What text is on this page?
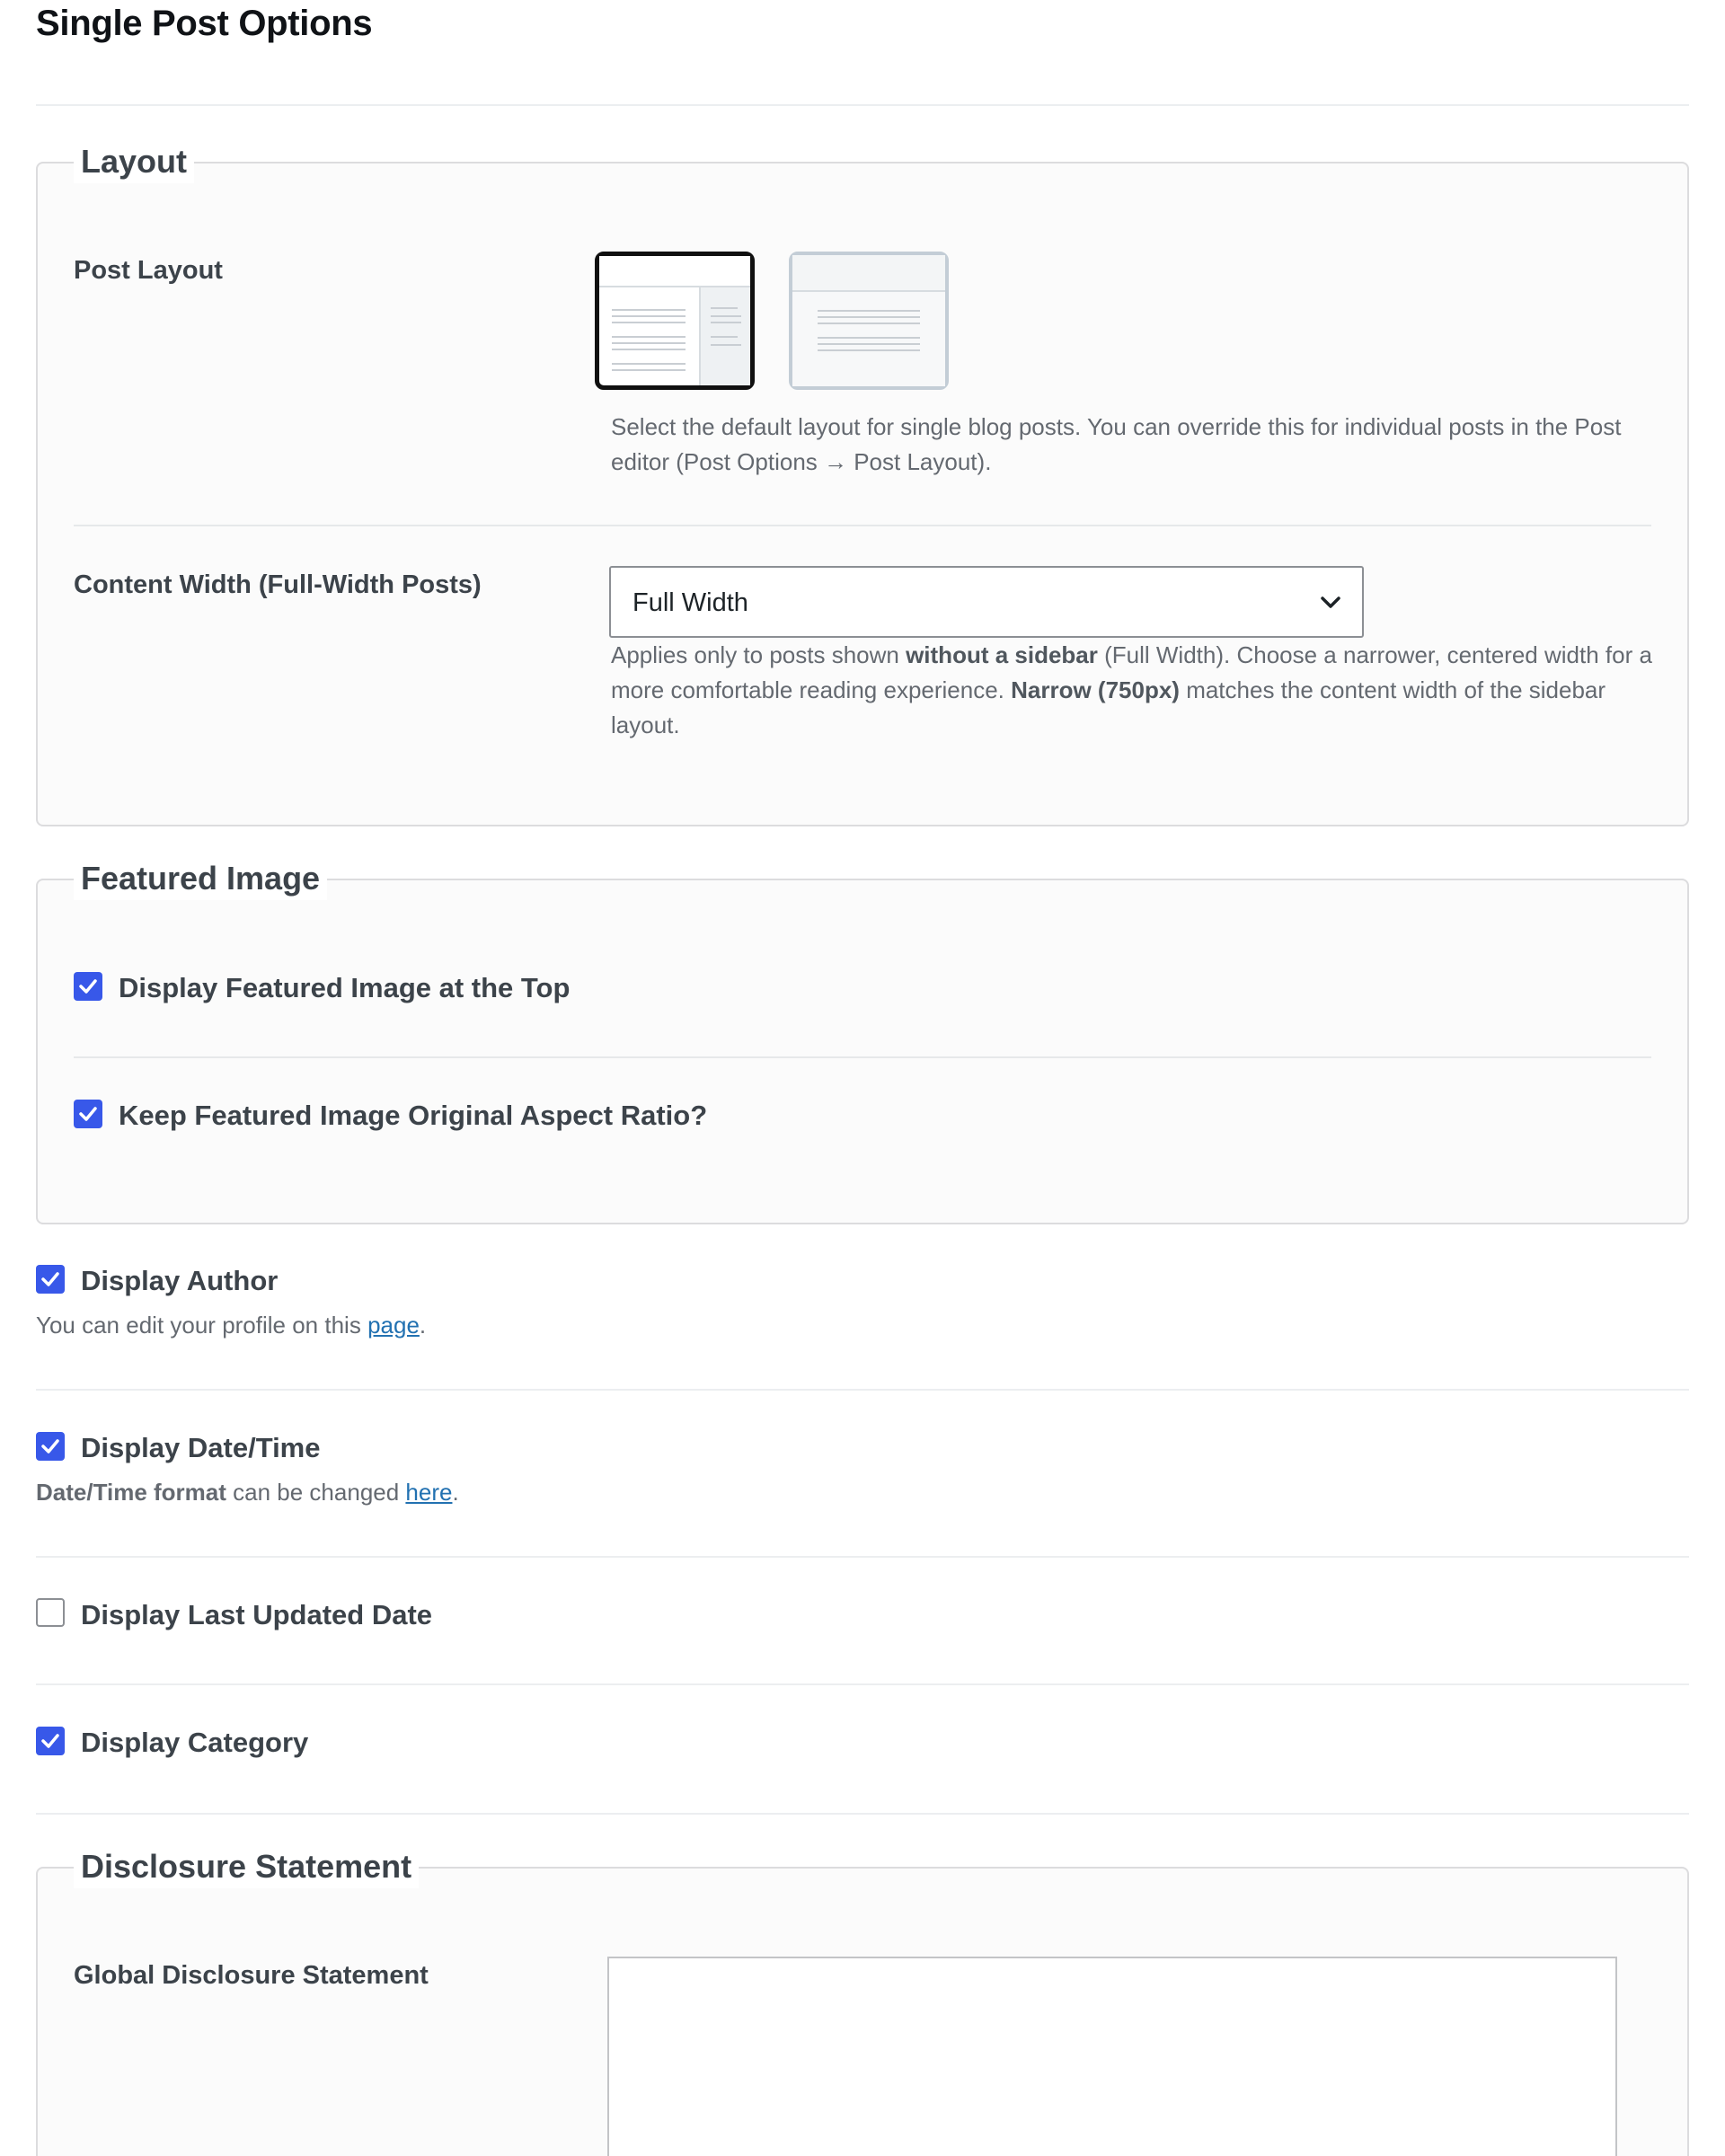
Single Post Options
Layout
Post Layout
Select the default layout for single blog posts. You can override this for individual posts in the Post editor (Post Options → Post Layout).
Content Width (Full-Width Posts)
Full Width
Applies only to posts shown without a sidebar (Full Width). Choose a narrower, centered width for a more comfortable reading experience. Narrow (750px) matches the content width of the sidebar layout.
Featured Image
Display Featured Image at the Top
Keep Featured Image Original Aspect Ratio?
Display Author
You can edit your profile on this page.
Display Date/Time
Date/Time format can be changed here.
Display Last Updated Date
Display Category
Disclosure Statement
Global Disclosure Statement
